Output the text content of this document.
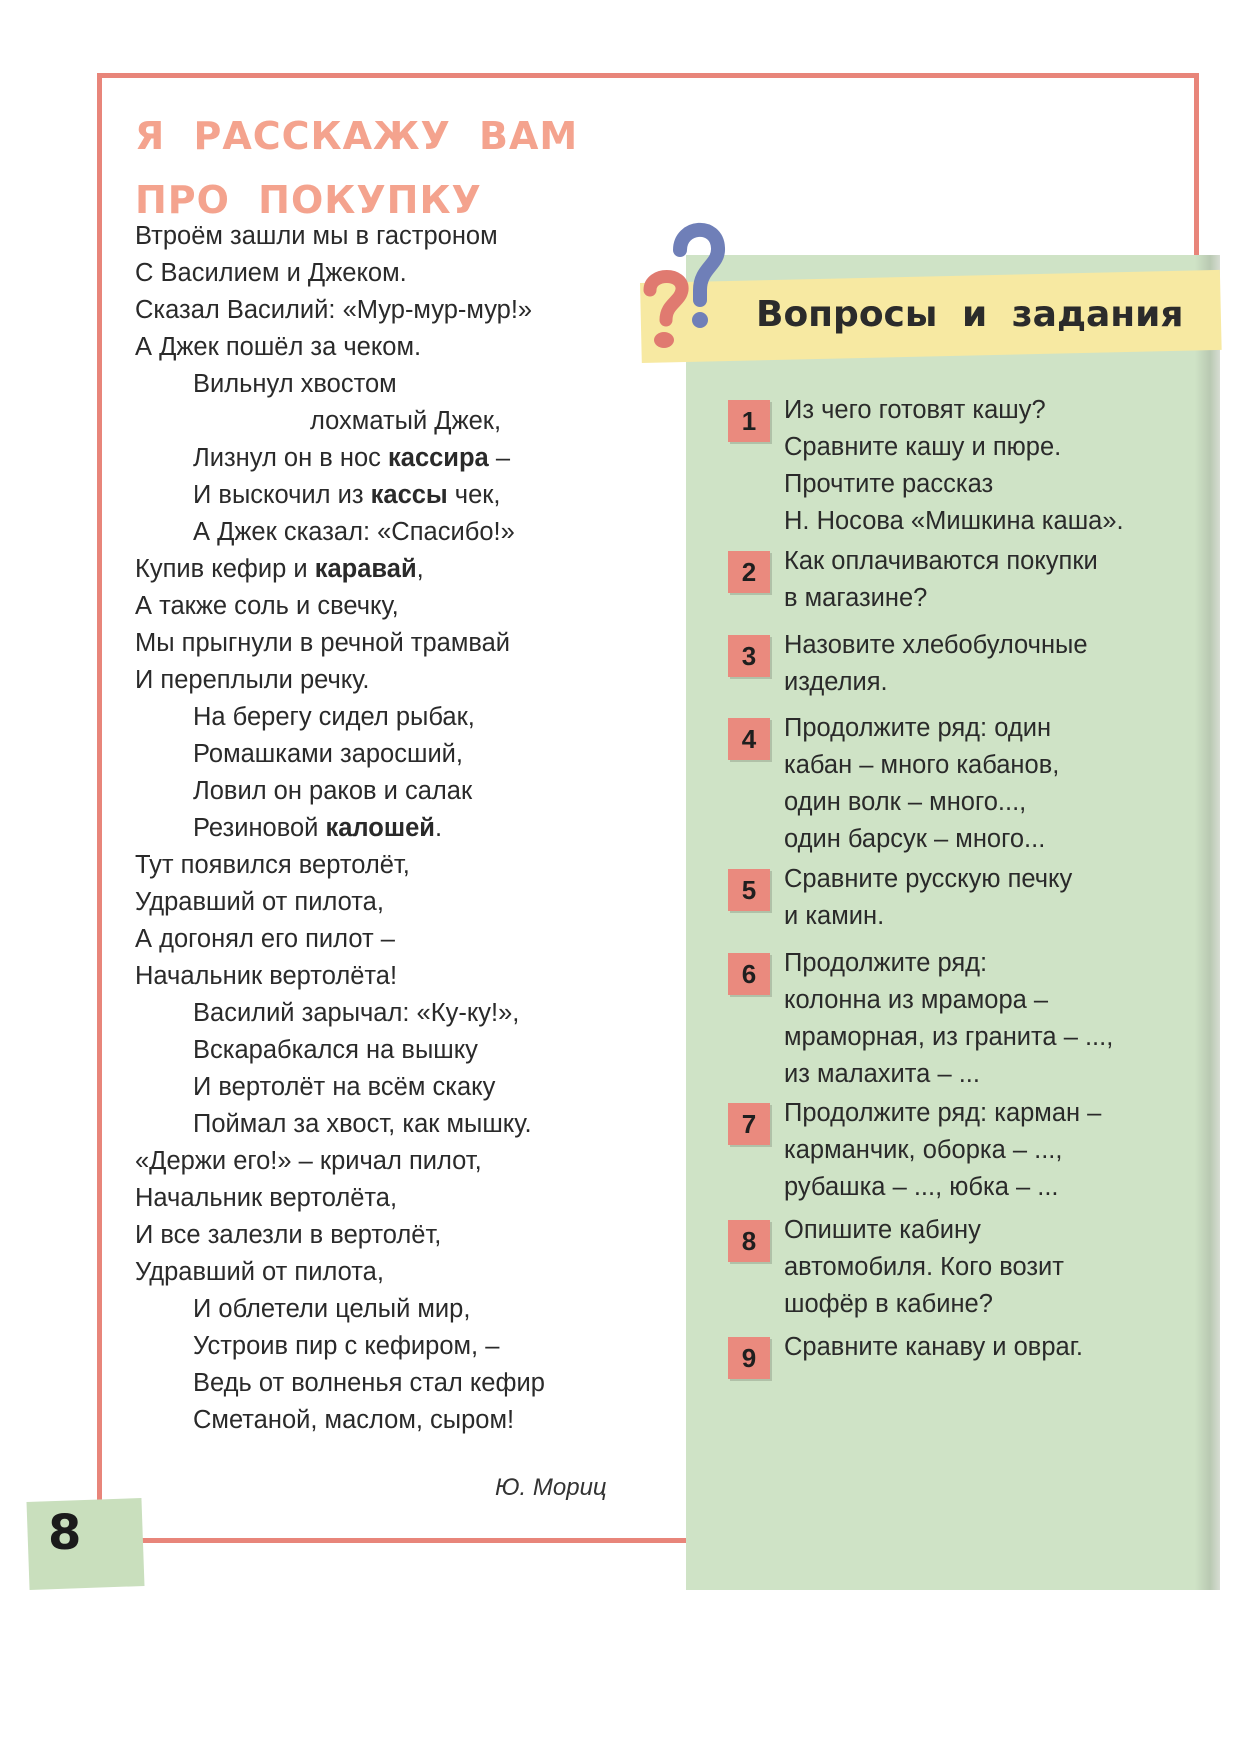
Я РАССКАЖУ ВАМ
ПРО ПОКУПКУ
Втроём зашли мы в гастроном
С Василием и Джеком.
Сказал Василий: «Мур-мур-мур!»
А Джек пошёл за чеком.
Вильнул хвостом
лохматый Джек,
Лизнул он в нос кассира –
И выскочил из кассы чек,
А Джек сказал: «Спасибо!»
Купив кефир и каравай,
А также соль и свечку,
Мы прыгнули в речной трамвай
И переплыли речку.
На берегу сидел рыбак,
Ромашками заросший,
Ловил он раков и салак
Резиновой калошей.
Тут появился вертолёт,
Удравший от пилота,
А догонял его пилот –
Начальник вертолёта!
Василий зарычал: «Ку-ку!»,
Вскарабкался на вышку
И вертолёт на всём скаку
Поймал за хвост, как мышку.
«Держи его!» – кричал пилот,
Начальник вертолёта,
И все залезли в вертолёт,
Удравший от пилота,
И облетели целый мир,
Устроив пир с кефиром, –
Ведь от волненья стал кефир
Сметаной, маслом, сыром!
Ю. Мориц
Вопросы и задания
1	Из чего готовят кашу?
Сравните кашу и пюре.
Прочтите рассказ
Н. Носова «Мишкина каша».
2	Как оплачиваются покупки
в магазине?
3	Назовите хлебобулочные
изделия.
4	Продолжите ряд: один
кабан – много кабанов,
один волк – много...,
один барсук – много...
5	Сравните русскую печку
и камин.
6	Продолжите ряд:
колонна из мрамора –
мраморная, из гранита – ...,
из малахита – ...
7	Продолжите ряд: карман –
карманчик, оборка – ...,
рубашка – ..., юбка – ...
8	Опишите кабину
автомобиля. Кого возит
шофёр в кабине?
9	Сравните канаву и овраг.
8
